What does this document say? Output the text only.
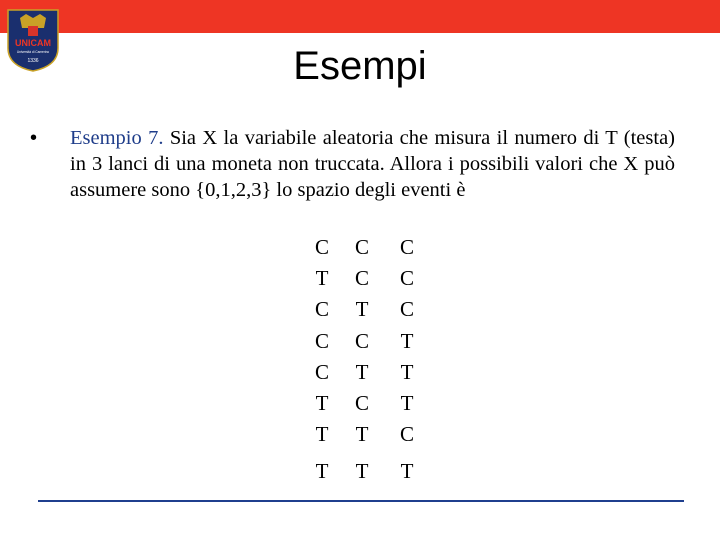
UNICAM
Università di Camerino
1336	Esempi
• Esempio 7. Sia X la variabile aleatoria che misura il numero di T (testa) in 3 lanci di una moneta non truccata. Allora i possibili valori che X può assumere sono {0,1,2,3} lo spazio degli eventi è
C C C
T C C
C T C
C C T
C T T
T C T
T T C
T T T
